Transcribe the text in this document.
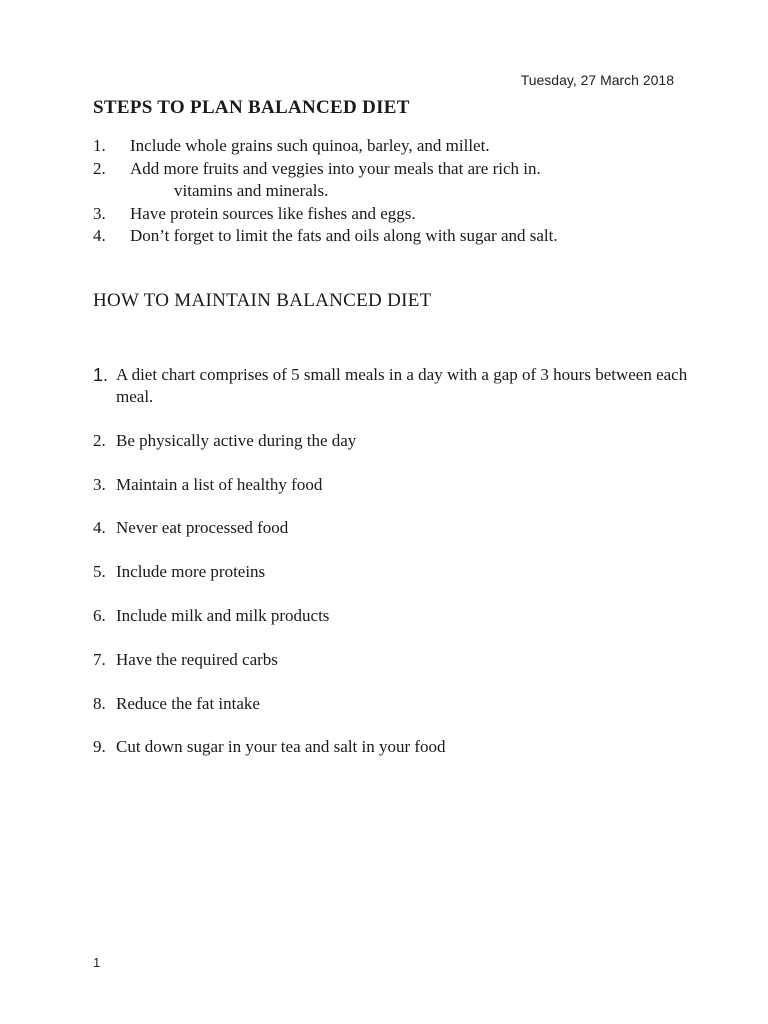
Tuesday, 27 March 2018
STEPS TO PLAN BALANCED DIET
1.	Include whole grains such quinoa, barley, and millet.
2.	Add more fruits and veggies into your meals that are rich in.
vitamins and minerals.
3.	Have protein sources like fishes and eggs.
4.	Don’t forget to limit the fats and oils along with sugar and salt.
HOW TO MAINTAIN BALANCED DIET
1. A diet chart comprises of 5 small meals in a day with a gap of 3 hours between each meal.
2. Be physically active during the day
3. Maintain a list of healthy food
4. Never eat processed food
5. Include more proteins
6. Include milk and milk products
7. Have the required carbs
8. Reduce the fat intake
9. Cut down sugar in your tea and salt in your food
1
